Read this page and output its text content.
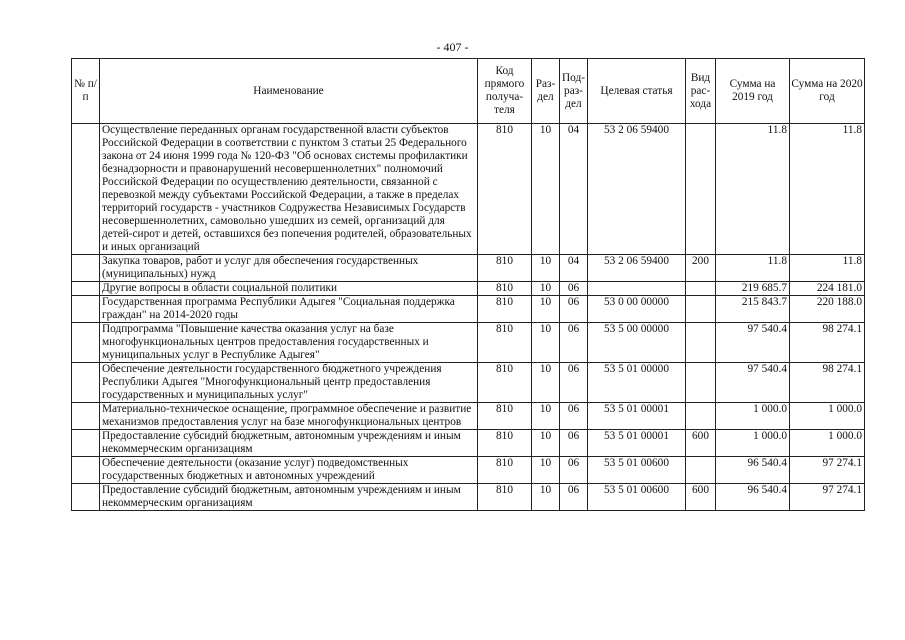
- 407 -
№ п/п	Наименование	Код прямого получа-теля	Раз-дел	Под-раз-дел	Целевая статья	Вид рас-хода	Сумма на 2019 год	Сумма на 2020 год
	Осуществление переданных органам государственной власти субъектов Российской Федерации в соответствии с пунктом 3 статьи 25 Федерального закона от 24 июня 1999 года № 120-ФЗ "Об основах системы профилактики безнадзорности и правонарушений несовершеннолетних" полномочий Российской Федерации по осуществлению деятельности, связанной с перевозкой между субъектами Российской Федерации, а также в пределах территорий государств - участников Содружества Независимых Государств несовершеннолетних, самовольно ушедших из семей, организаций для детей-сирот и детей, оставшихся без попечения родителей, образовательных и иных организаций	810	10	04	53 2 06 59400		11.8	11.8
	Закупка товаров, работ и услуг для обеспечения государственных (муниципальных) нужд	810	10	04	53 2 06 59400	200	11.8	11.8
	Другие вопросы в области социальной политики	810	10	06			219 685.7	224 181.0
	Государственная программа Республики Адыгея "Социальная поддержка граждан" на 2014-2020 годы	810	10	06	53 0 00 00000		215 843.7	220 188.0
	Подпрограмма "Повышение качества оказания услуг на базе многофункциональных центров предоставления государственных и муниципальных услуг в Республике Адыгея"	810	10	06	53 5 00 00000		97 540.4	98 274.1
	Обеспечение деятельности государственного бюджетного учреждения Республики Адыгея "Многофункциональный центр предоставления государственных и муниципальных услуг"	810	10	06	53 5 01 00000		97 540.4	98 274.1
	Материально-техническое оснащение, программное обеспечение и развитие механизмов предоставления услуг на базе многофункциональных центров	810	10	06	53 5 01 00001		1 000.0	1 000.0
	Предоставление субсидий бюджетным, автономным учреждениям и иным некоммерческим организациям	810	10	06	53 5 01 00001	600	1 000.0	1 000.0
	Обеспечение деятельности (оказание услуг) подведомственных государственных бюджетных и автономных учреждений	810	10	06	53 5 01 00600		96 540.4	97 274.1
	Предоставление субсидий бюджетным, автономным учреждениям и иным некоммерческим организациям	810	10	06	53 5 01 00600	600	96 540.4	97 274.1
